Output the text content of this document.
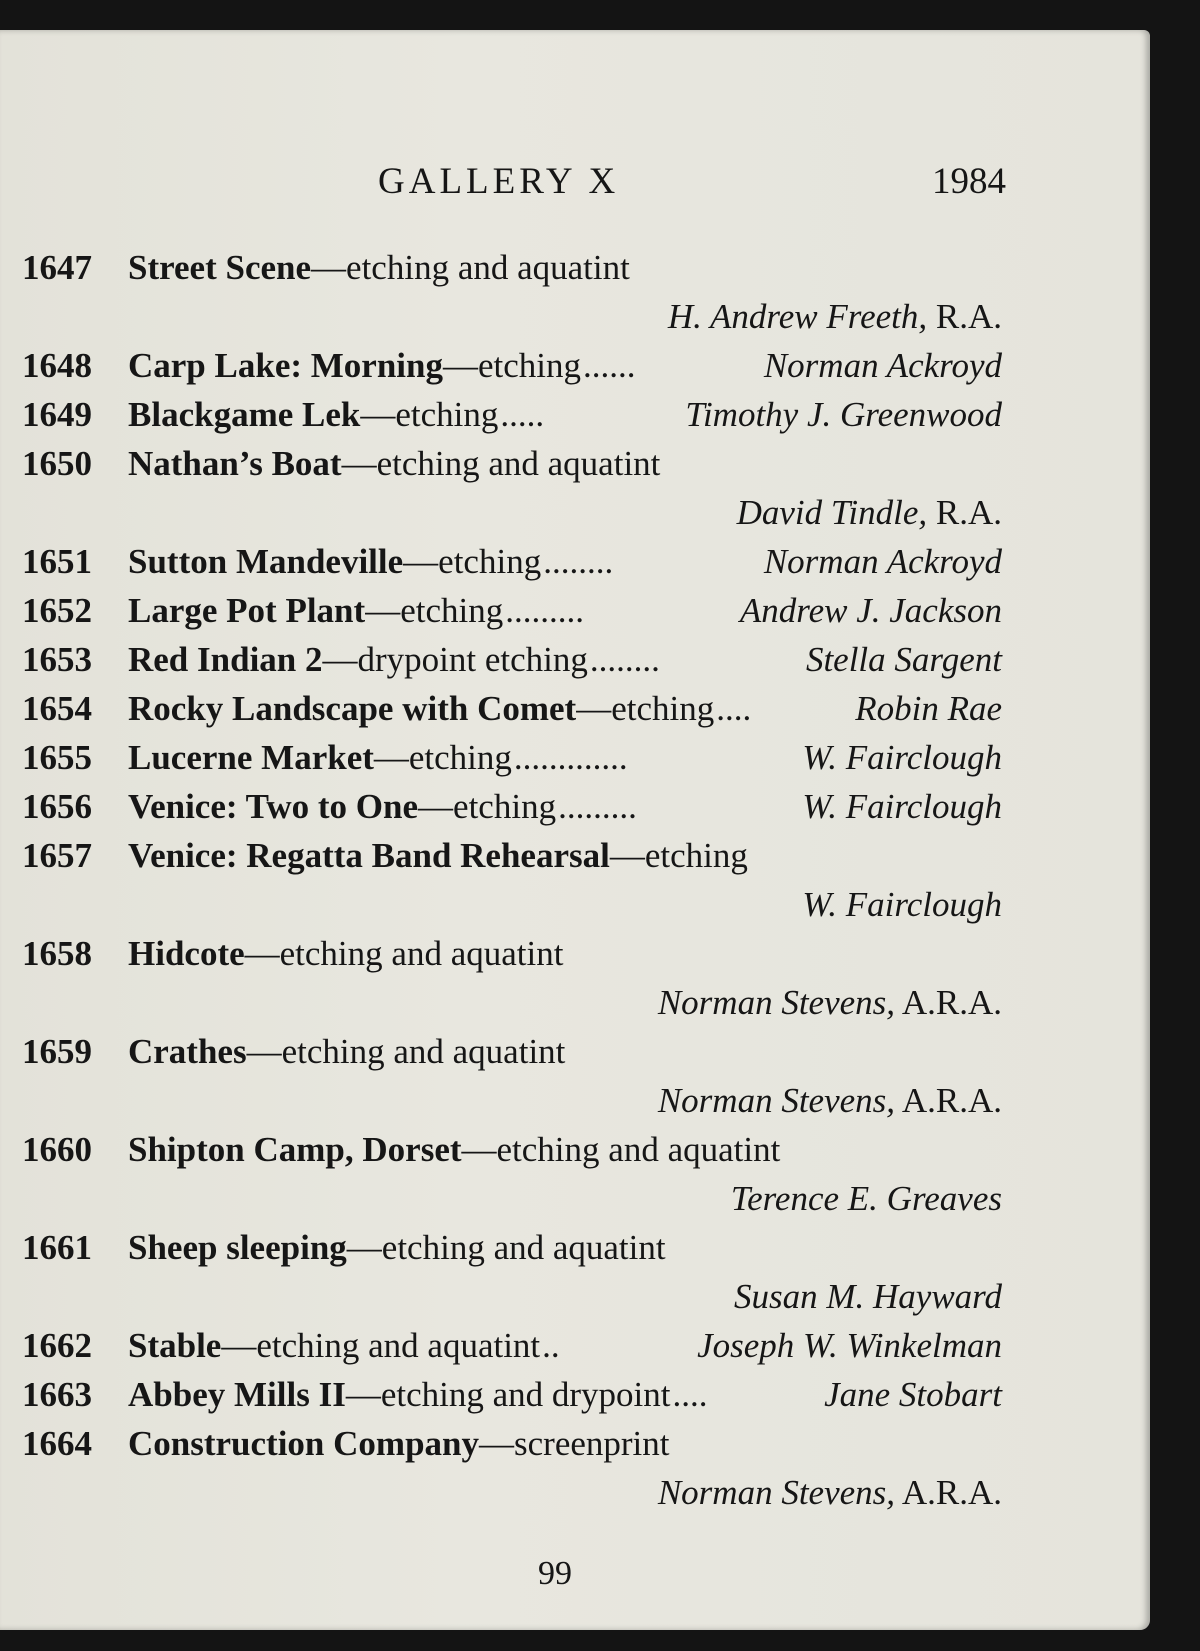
GALLERY X	1984
1647 Street Scene—etching and aquatint
H. Andrew Freeth, R.A.
1648 Carp Lake: Morning—etching......	Norman Ackroyd
1649 Blackgame Lek—etching.....	Timothy J. Greenwood
1650 Nathan’s Boat—etching and aquatint
David Tindle, R.A.
1651 Sutton Mandeville—etching........	Norman Ackroyd
1652 Large Pot Plant—etching.........	Andrew J. Jackson
1653 Red Indian 2—drypoint etching........	Stella Sargent
1654 Rocky Landscape with Comet—etching....	Robin Rae
1655 Lucerne Market—etching.............	W. Fairclough
1656 Venice: Two to One—etching.........	W. Fairclough
1657 Venice: Regatta Band Rehearsal—etching
W. Fairclough
1658 Hidcote—etching and aquatint
Norman Stevens, A.R.A.
1659 Crathes—etching and aquatint
Norman Stevens, A.R.A.
1660 Shipton Camp, Dorset—etching and aquatint
Terence E. Greaves
1661 Sheep sleeping—etching and aquatint
Susan M. Hayward
1662 Stable—etching and aquatint..	Joseph W. Winkelman
1663 Abbey Mills II—etching and drypoint....	Jane Stobart
1664 Construction Company—screenprint
Norman Stevens, A.R.A.
99
